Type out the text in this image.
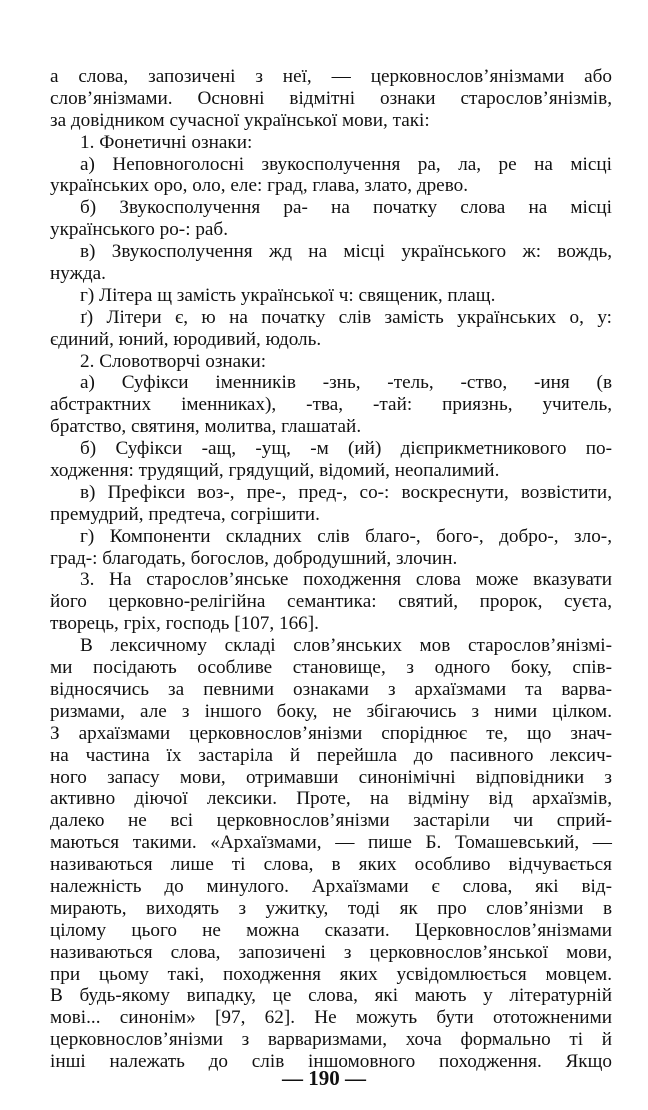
а слова, запозичені з неї, — церковнослов’янізмами або
слов’янізмами. Основні відмітні ознаки старослов’янізмів,
за довідником сучасної української мови, такі:
1. Фонетичні ознаки:
а) Неповноголосні звукосполучення ра, ла, ре на місці
українських оро, оло, еле: град, глава, злато, древо.
б) Звукосполучення ра- на початку слова на місці
українського ро-: раб.
в) Звукосполучення жд на місці українського ж: вождь,
нужда.
г) Літера щ замість української ч: священик, плащ.
ґ) Літери є, ю на початку слів замість українських о, у:
єдиний, юний, юродивий, юдоль.
2. Словотворчі ознаки:
а) Суфікси іменників -знь, -тель, -ство, -иня (в
абстрактних іменниках), -тва, -тай: приязнь, учитель,
братство, святиня, молитва, глашатай.
б) Суфікси -ащ, -ущ, -м (ий) дієприкметникового по-
ходження: трудящий, грядущий, відомий, неопалимий.
в) Префікси воз-, пре-, пред-, со-: воскреснути, возвістити,
премудрий, предтеча, согрішити.
г) Компоненти складних слів благо-, бого-, добро-, зло-,
град-: благодать, богослов, добродушний, злочин.
3. На старослов’янське походження слова може вказувати
його церковно-релігійна семантика: святий, пророк, суєта,
творець, гріх, господь [107, 166].
В лексичному складі слов’янських мов старослов’янізмі-
ми посідають особливе становище, з одного боку, спів-
відносячись за певними ознаками з архаїзмами та варва-
ризмами, але з іншого боку, не збігаючись з ними цілком.
З архаїзмами церковнослов’янізми споріднює те, що знач-
на частина їх застаріла й перейшла до пасивного лексич-
ного запасу мови, отримавши синонімічні відповідники з
активно діючої лексики. Проте, на відміну від архаїзмів,
далеко не всі церковнослов’янізми застаріли чи сприй-
маються такими. «Архаїзмами, — пише Б. Томашевський, —
називаються лише ті слова, в яких особливо відчувається
належність до минулого. Архаїзмами є слова, які від-
мирають, виходять з ужитку, тоді як про слов’янізми в
цілому цього не можна сказати. Церковнослов’янізмами
називаються слова, запозичені з церковнослов’янської мови,
при цьому такі, походження яких усвідомлюється мовцем.
В будь-якому випадку, це слова, які мають у літературній
мові... синонім» [97, 62]. Не можуть бути ототожненими
церковнослов’янізми з варваризмами, хоча формально ті й
інші належать до слів іншомовного походження. Якщо
— 190 —
